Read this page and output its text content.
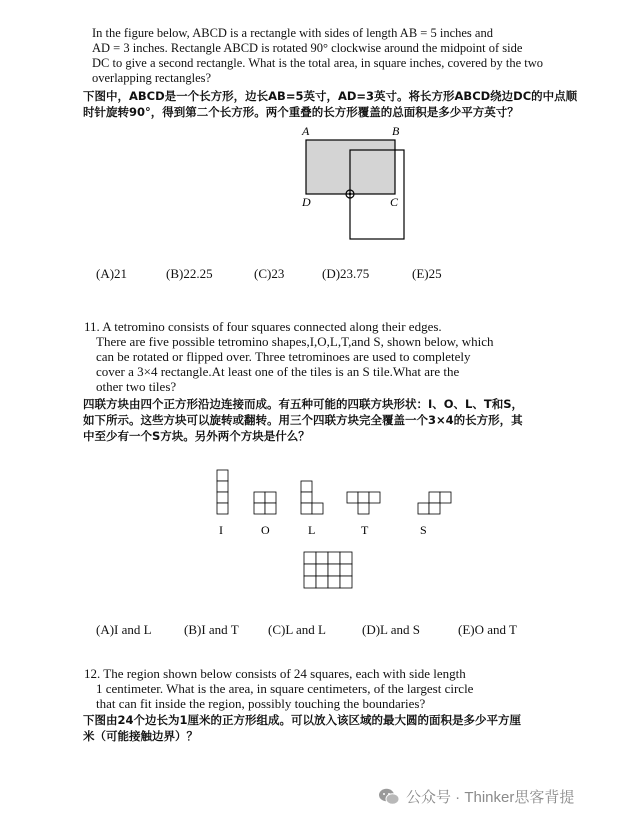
In the figure below, ABCD is a rectangle with sides of length AB = 5 inches and
AD = 3 inches. Rectangle ABCD is rotated 90° clockwise around the midpoint of side
DC to give a second rectangle. What is the total area, in square inches, covered by the two
overlapping rectangles?
下图中，ABCD是一个长方形，边长AB=5英寸，AD=3英寸。将长方形ABCD绕边DC的中点顺
时针旋转90°，得到第二个长方形。两个重叠的长方形覆盖的总面积是多少平方英寸？
A	B
D	C
(A)21	(B)22.25	(C)23	(D)23.75	(E)25
11. A tetromino consists of four squares connected along their edges.
There are five possible tetromino shapes,I,O,L,T,and S, shown below, which
can be rotated or flipped over. Three tetrominoes are used to completely
cover a 3×4 rectangle.At least one of the tiles is an S tile.What are the
other two tiles?
四联方块由四个正方形沿边连接而成。有五种可能的四联方块形状：I、O、L、T和S，
如下所示。这些方块可以旋转或翻转。用三个四联方块完全覆盖一个3×4的长方形，其
中至少有一个S方块。另外两个方块是什么？
I	O	L	T	S
(A)I and L (B)I and T (C)L and L	(D)L and S	(E)O and T
12. The region shown below consists of 24 squares, each with side length
1 centimeter. What is the area, in square centimeters, of the largest circle
that can fit inside the region, possibly touching the boundaries?
下图由24个边长为1厘米的正方形组成。可以放入该区域的最大圆的面积是多少平方厘
米（可能接触边界）？
公众号 · Thinker思客背提
